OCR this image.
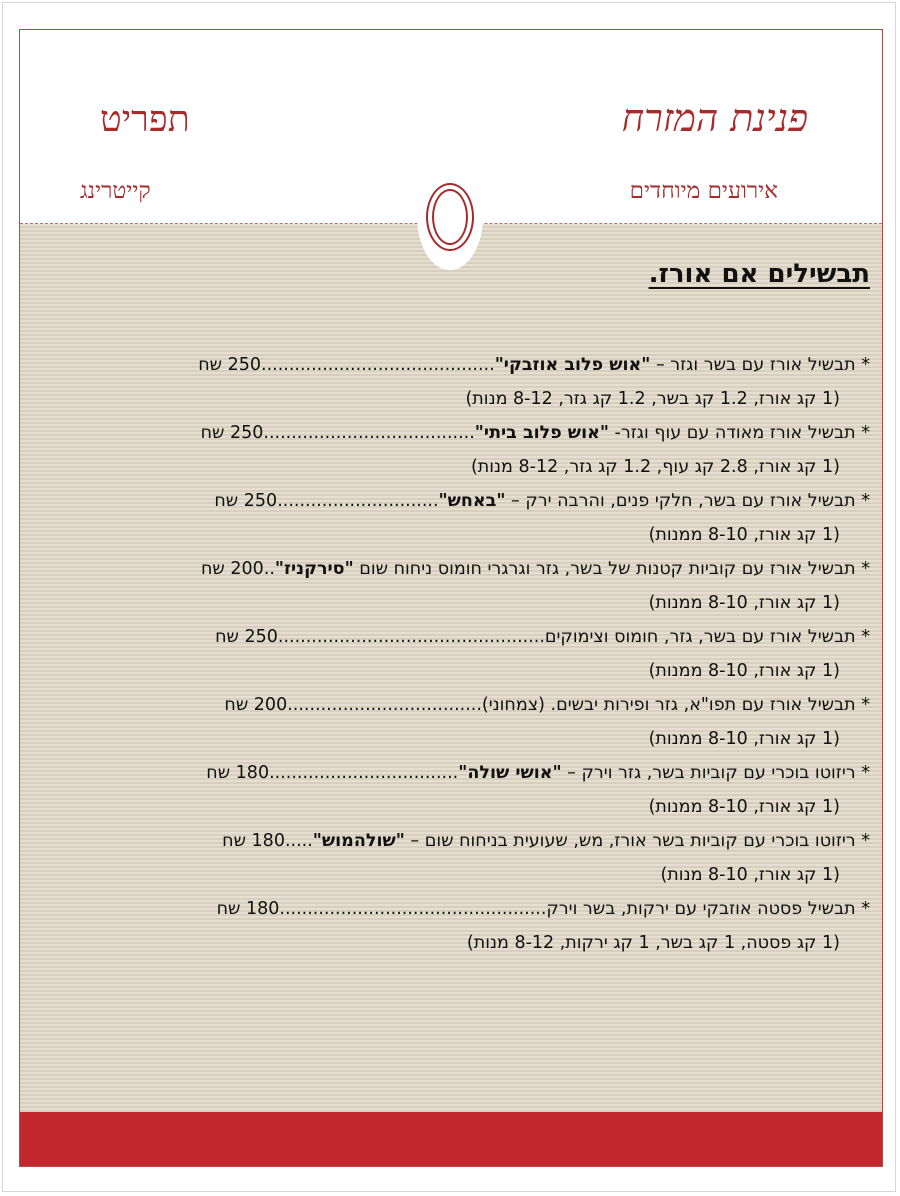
פנינת המזרח
תפריט
אירועים מיוחדים
קייטרינג
תבשילים אם אורז.
* תבשיל אורז עם בשר וגזר – "אוש פלוב אוזבקי"..........................................250 שח
(1 קג אורז, 1.2 קג בשר, 1.2 קג גזר, 8-12 מנות)
* תבשיל אורז מאודה עם עוף וגזר- "אוש פלוב ביתי"......................................250 שח
(1 קג אורז, 2.8 קג עוף, 1.2 קג גזר, 8-12 מנות)
* תבשיל אורז עם בשר, חלקי פנים, והרבה ירק – "באחש".............................250 שח
(1 קג אורז, 8-10 ממנות)
* תבשיל אורז עם קוביות קטנות של בשר, גזר וגרגרי חומוס ניחוח שום "סירקניז"..200 שח
(1 קג אורז, 8-10 ממנות)
* תבשיל אורז עם בשר, גזר, חומוס וצימוקים................................................250 שח
(1 קג אורז, 8-10 ממנות)
* תבשיל אורז עם תפו"א, גזר ופירות יבשים. (צמחוני)...................................200 שח
(1 קג אורז, 8-10 ממנות)
* ריזוטו בוכרי עם קוביות בשר, גזר וירק – "אושי שולה"..................................180 שח
(1 קג אורז, 8-10 ממנות)
* ריזוטו בוכרי עם קוביות בשר אורז, מש, שעועית בניחוח שום – "שולהמוש".....180 שח
(1 קג אורז, 8-10 מנות)
* תבשיל פסטה אוזבקי עם ירקות, בשר וירק................................................180 שח
(1 קג פסטה, 1 קג בשר, 1 קג ירקות, 8-12 מנות)
